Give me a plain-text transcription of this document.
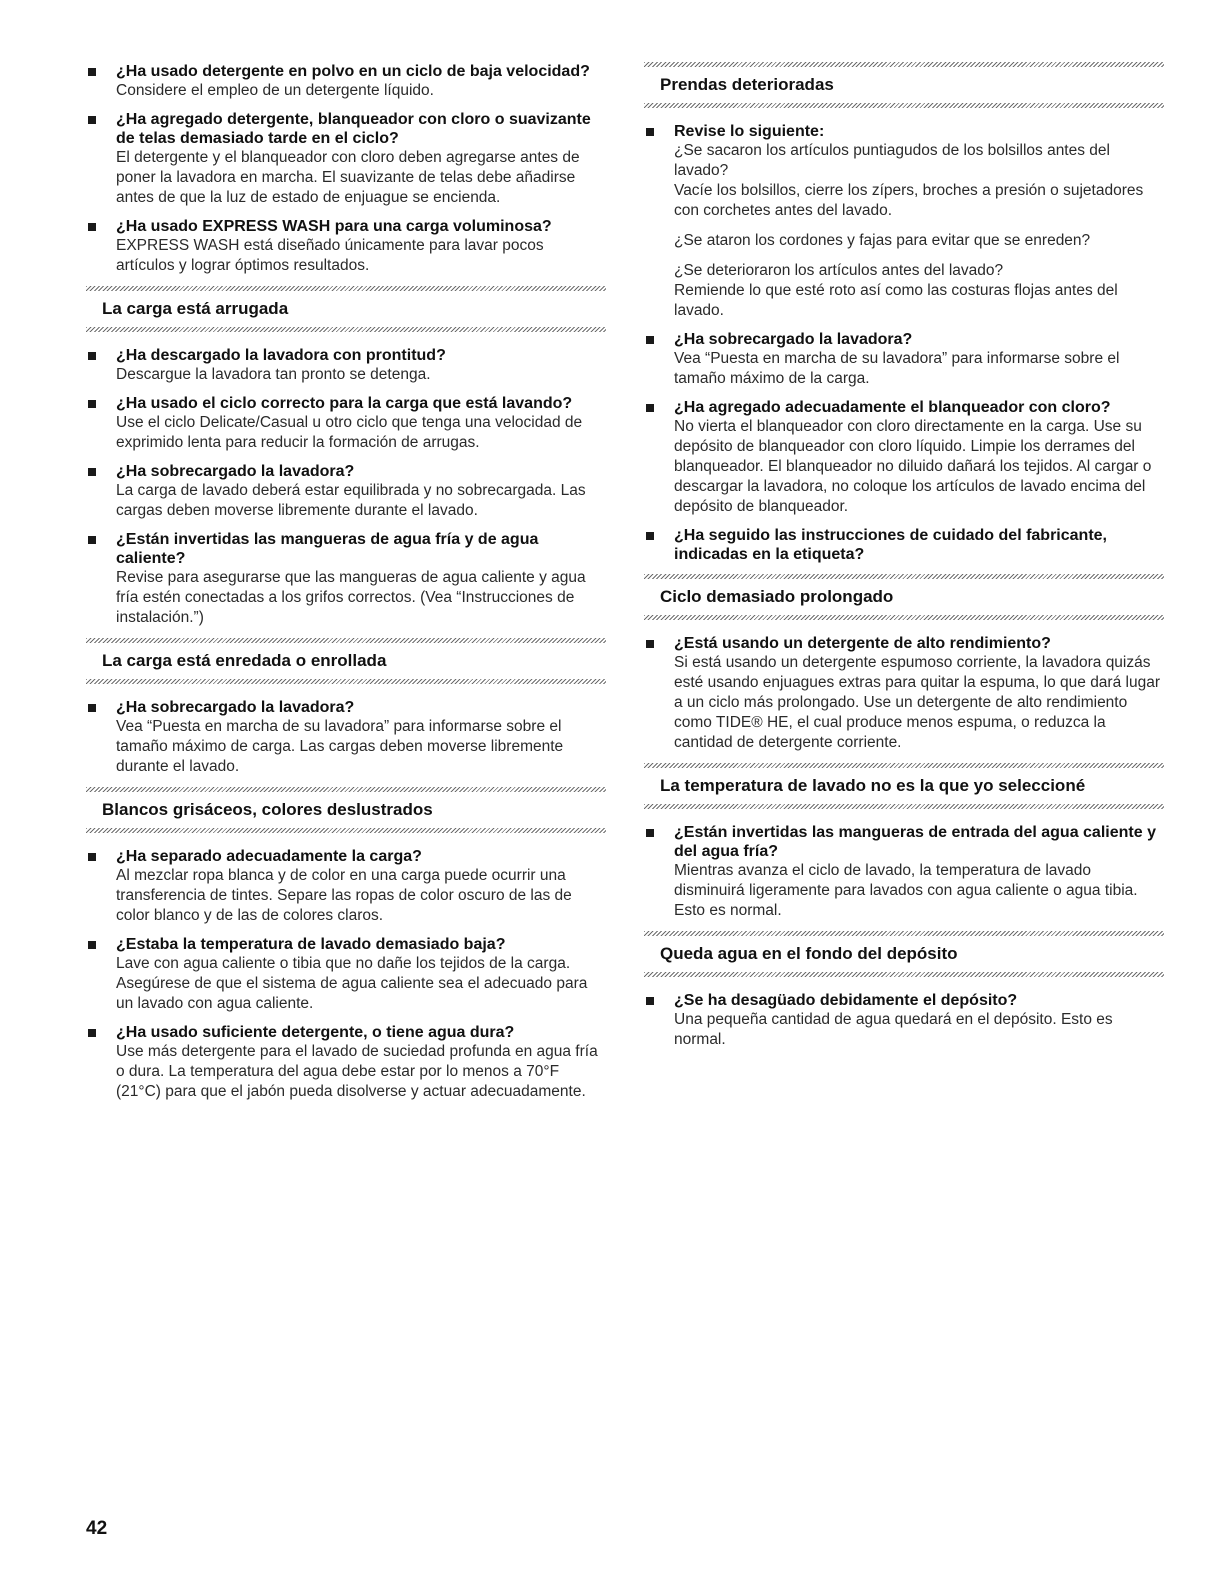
¿Ha usado detergente en polvo en un ciclo de baja velocidad?

Considere el empleo de un detergente líquido.

¿Ha agregado detergente, blanqueador con cloro o suavizante de telas demasiado tarde en el ciclo?

El detergente y el blanqueador con cloro deben agregarse antes de poner la lavadora en marcha. El suavizante de telas debe añadirse antes de que la luz de estado de enjuague se encienda.

¿Ha usado EXPRESS WASH para una carga voluminosa?

EXPRESS WASH está diseñado únicamente para lavar pocos artículos y lograr óptimos resultados.

La carga está arrugada
¿Ha descargado la lavadora con prontitud?

Descargue la lavadora tan pronto se detenga.

¿Ha usado el ciclo correcto para la carga que está lavando?

Use el ciclo Delicate/Casual u otro ciclo que tenga una velocidad de exprimido lenta para reducir la formación de arrugas.

¿Ha sobrecargado la lavadora?

La carga de lavado deberá estar equilibrada y no sobrecargada. Las cargas deben moverse libremente durante el lavado.

¿Están invertidas las mangueras de agua fría y de agua caliente?

Revise para asegurarse que las mangueras de agua caliente y agua fría estén conectadas a los grifos correctos. (Vea “Instrucciones de instalación.”)

La carga está enredada o enrollada
¿Ha sobrecargado la lavadora?

Vea “Puesta en marcha de su lavadora” para informarse sobre el tamaño máximo de carga. Las cargas deben moverse libremente durante el lavado.

Blancos grisáceos, colores deslustrados
¿Ha separado adecuadamente la carga?

Al mezclar ropa blanca y de color en una carga puede ocurrir una transferencia de tintes. Separe las ropas de color oscuro de las de color blanco y de las de colores claros.

¿Estaba la temperatura de lavado demasiado baja?

Lave con agua caliente o tibia que no dañe los tejidos de la carga. Asegúrese de que el sistema de agua caliente sea el adecuado para un lavado con agua caliente.

¿Ha usado suficiente detergente, o tiene agua dura?

Use más detergente para el lavado de suciedad profunda en agua fría o dura. La temperatura del agua debe estar por lo menos a 70°F (21°C) para que el jabón pueda disolverse y actuar adecuadamente.

Prendas deterioradas
Revise lo siguiente:

¿Se sacaron los artículos puntiagudos de los bolsillos antes del lavado?
Vacíe los bolsillos, cierre los zípers, broches a presión o sujetadores con corchetes antes del lavado.

¿Se ataron los cordones y fajas para evitar que se enreden?

¿Se deterioraron los artículos antes del lavado?
Remiende lo que esté roto así como las costuras flojas antes del lavado.

¿Ha sobrecargado la lavadora?

Vea “Puesta en marcha de su lavadora” para informarse sobre el tamaño máximo de la carga.

¿Ha agregado adecuadamente el blanqueador con cloro?

No vierta el blanqueador con cloro directamente en la carga. Use su depósito de blanqueador con cloro líquido. Limpie los derrames del blanqueador. El blanqueador no diluido dañará los tejidos. Al cargar o descargar la lavadora, no coloque los artículos de lavado encima del depósito de blanqueador.

¿Ha seguido las instrucciones de cuidado del fabricante, indicadas en la etiqueta?
Ciclo demasiado prolongado
¿Está usando un detergente de alto rendimiento?

Si está usando un detergente espumoso corriente, la lavadora quizás esté usando enjuagues extras para quitar la espuma, lo que dará lugar a un ciclo más prolongado. Use un detergente de alto rendimiento como TIDE® HE, el cual produce menos espuma, o reduzca la cantidad de detergente corriente.

La temperatura de lavado no es la que yo seleccioné
¿Están invertidas las mangueras de entrada del agua caliente y del agua fría?

Mientras avanza el ciclo de lavado, la temperatura de lavado disminuirá ligeramente para lavados con agua caliente o agua tibia. Esto es normal.

Queda agua en el fondo del depósito
¿Se ha desagüado debidamente el depósito?

Una pequeña cantidad de agua quedará en el depósito. Esto es normal.

42
